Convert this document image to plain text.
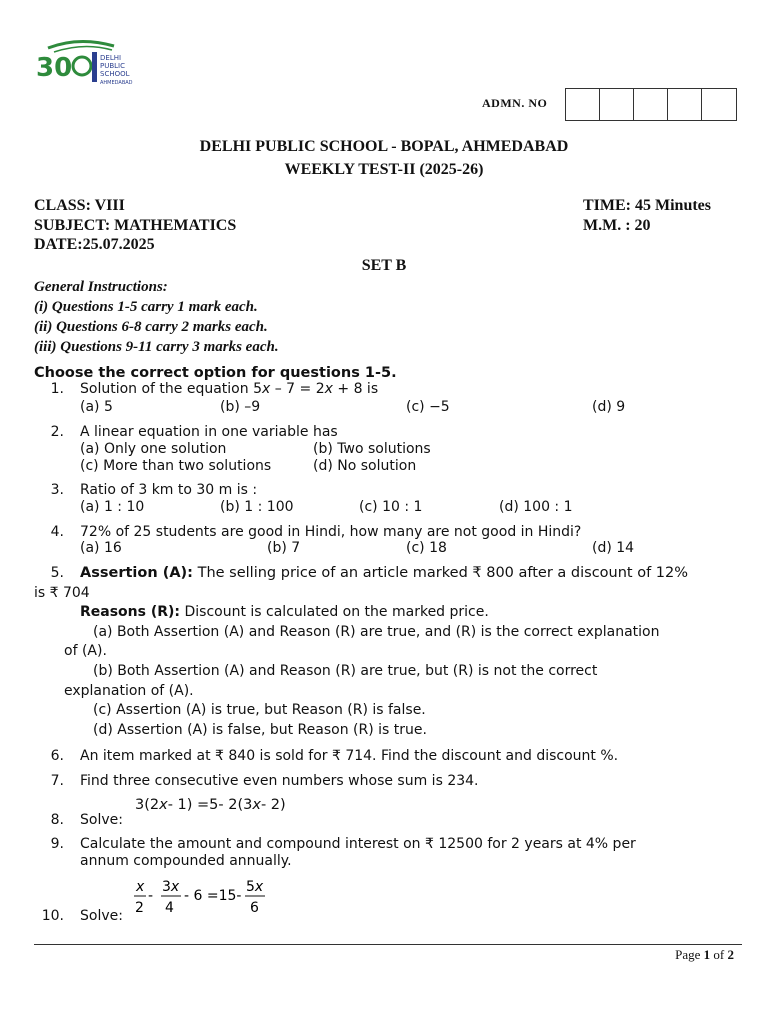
30	DELHI
PUBLIC
SCHOOL
AHMEDABAD
ADMN. NO
DELHI PUBLIC SCHOOL - BOPAL, AHMEDABAD
WEEKLY TEST-II (2025-26)
CLASS: VIII
SUBJECT: MATHEMATICS
DATE:25.07.2025
TIME: 45 Minutes
M.M. : 20
SET B
General Instructions:
(i) Questions 1-5 carry 1 mark each.
(ii) Questions 6-8 carry 2 marks each.
(iii) Questions 9-11 carry 3 marks each.
Choose the correct option for questions 1-5.
1. Solution of the equation 5x – 7 = 2x + 8 is
(a) 5	(b) –9	(c) −5	(d) 9
2. A linear equation in one variable has
(a) Only one solution	(b) Two solutions
(c) More than two solutions	(d) No solution
3. Ratio of 3 km to 30 m is :
(a) 1 : 10	(b) 1 : 100	(c) 10 : 1	(d) 100 : 1
4. 72% of 25 students are good in Hindi, how many are not good in Hindi?
(a) 16	(b) 7	(c) 18	(d) 14
5. Assertion (A): The selling price of an article marked ₹ 800 after a discount of 12%
is ₹ 704
Reasons (R): Discount is calculated on the marked price.
(a) Both Assertion (A) and Reason (R) are true, and (R) is the correct explanation
of (A).
(b) Both Assertion (A) and Reason (R) are true, but (R) is not the correct
explanation of (A).
(c) Assertion (A) is true, but Reason (R) is false.
(d) Assertion (A) is false, but Reason (R) is true.
6. An item marked at ₹ 840 is sold for ₹ 714. Find the discount and discount %.
7. Find three consecutive even numbers whose sum is 234.
3(2x- 1) =5- 2(3x- 2)
8. Solve:
9. Calculate the amount and compound interest on ₹ 12500 for 2 years at 4% per
annum compounded annually.
x
2
-
3x
4
- 6 =15-
5x
6
10. Solve:
Page 1 of 2
